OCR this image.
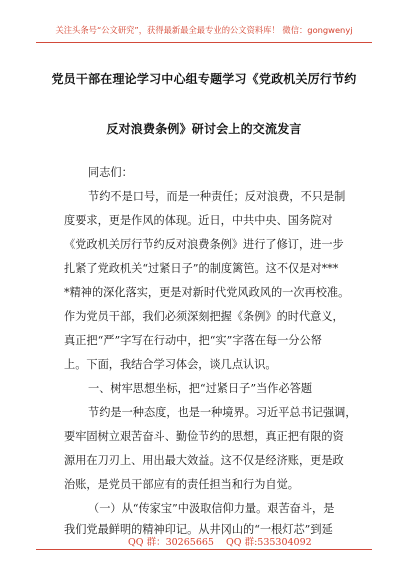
关注头条号“公文研究”，获得最新最全最专业的公文资料库！ 微信：gongwenyj
党员干部在理论学习中心组专题学习《党政机关厉行节约
反对浪费条例》研讨会上的交流发言
同志们：
节约不是口号，而是一种责任；反对浪费，不只是制
度要求，更是作风的体现。近日，中共中央、国务院对
《党政机关厉行节约反对浪费条例》进行了修订，进一步
扎紧了党政机关“过紧日子”的制度篱笆。这不仅是对***
*精神的深化落实，更是对新时代党风政风的一次再校准。
作为党员干部，我们必须深刻把握《条例》的时代意义，
真正把“严”字写在行动中，把“实”字落在每一分公帑
上。下面，我结合学习体会，谈几点认识。
一、树牢思想坐标，把“过紧日子”当作必答题
节约是一种态度，也是一种境界。习近平总书记强调，
要牢固树立艰苦奋斗、勤俭节约的思想，真正把有限的资
源用在刀刃上、用出最大效益。这不仅是经济账，更是政
治账，是党员干部应有的责任担当和行为自觉。
（一）从“传家宝”中汲取信仰力量。艰苦奋斗，是
我们党最鲜明的精神印记。从井冈山的“一根灯芯”到延
QQ 群：30265665 QQ 群:535304092
